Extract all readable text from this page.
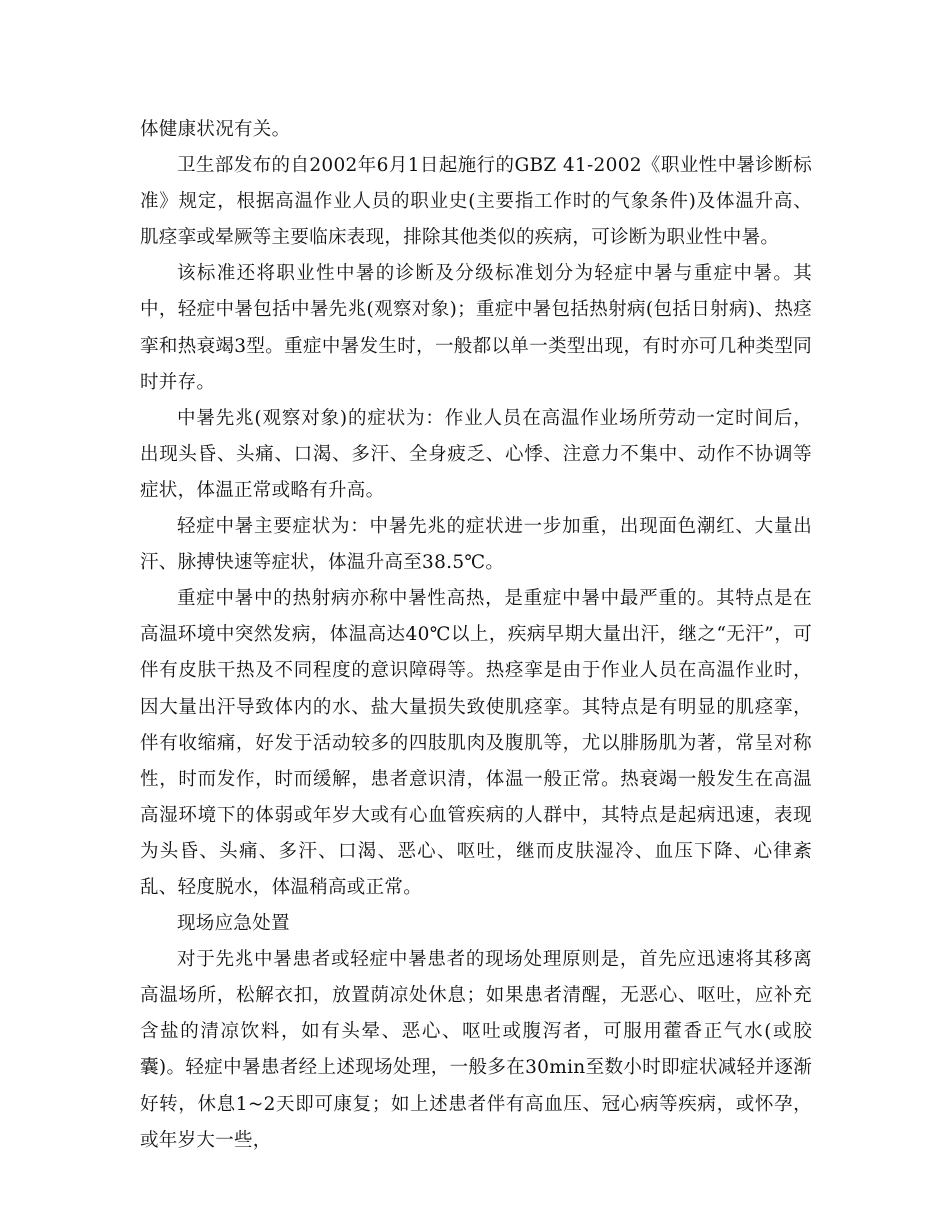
体健康状况有关。

卫生部发布的自2002年6月1日起施行的GBZ 41-2002《职业性中暑诊断标准》规定，根据高温作业人员的职业史(主要指工作时的气象条件)及体温升高、肌痉挛或晕厥等主要临床表现，排除其他类似的疾病，可诊断为职业性中暑。

该标准还将职业性中暑的诊断及分级标准划分为轻症中暑与重症中暑。其中，轻症中暑包括中暑先兆(观察对象)；重症中暑包括热射病(包括日射病)、热痉挛和热衰竭3型。重症中暑发生时，一般都以单一类型出现，有时亦可几种类型同时并存。

中暑先兆(观察对象)的症状为：作业人员在高温作业场所劳动一定时间后，出现头昏、头痛、口渴、多汗、全身疲乏、心悸、注意力不集中、动作不协调等症状，体温正常或略有升高。

轻症中暑主要症状为：中暑先兆的症状进一步加重，出现面色潮红、大量出汗、脉搏快速等症状，体温升高至38.5℃。

重症中暑中的热射病亦称中暑性高热，是重症中暑中最严重的。其特点是在高温环境中突然发病，体温高达40℃以上，疾病早期大量出汗，继之“无汗”，可伴有皮肤干热及不同程度的意识障碍等。热痉挛是由于作业人员在高温作业时，因大量出汗导致体内的水、盐大量损失致使肌痉挛。其特点是有明显的肌痉挛，伴有收缩痛，好发于活动较多的四肢肌肉及腹肌等，尤以腓肠肌为著，常呈对称性，时而发作，时而缓解，患者意识清，体温一般正常。热衰竭一般发生在高温高湿环境下的体弱或年岁大或有心血管疾病的人群中，其特点是起病迅速，表现为头昏、头痛、多汗、口渴、恶心、呕吐，继而皮肤湿冷、血压下降、心律紊乱、轻度脱水，体温稍高或正常。

现场应急处置

对于先兆中暑患者或轻症中暑患者的现场处理原则是，首先应迅速将其移离高温场所，松解衣扣，放置荫凉处休息；如果患者清醒，无恶心、呕吐，应补充含盐的清凉饮料，如有头晕、恶心、呕吐或腹泻者，可服用藿香正气水(或胶囊)。轻症中暑患者经上述现场处理，一般多在30min至数小时即症状减轻并逐渐好转，休息1~2天即可康复；如上述患者伴有高血压、冠心病等疾病，或怀孕，或年岁大一些，
